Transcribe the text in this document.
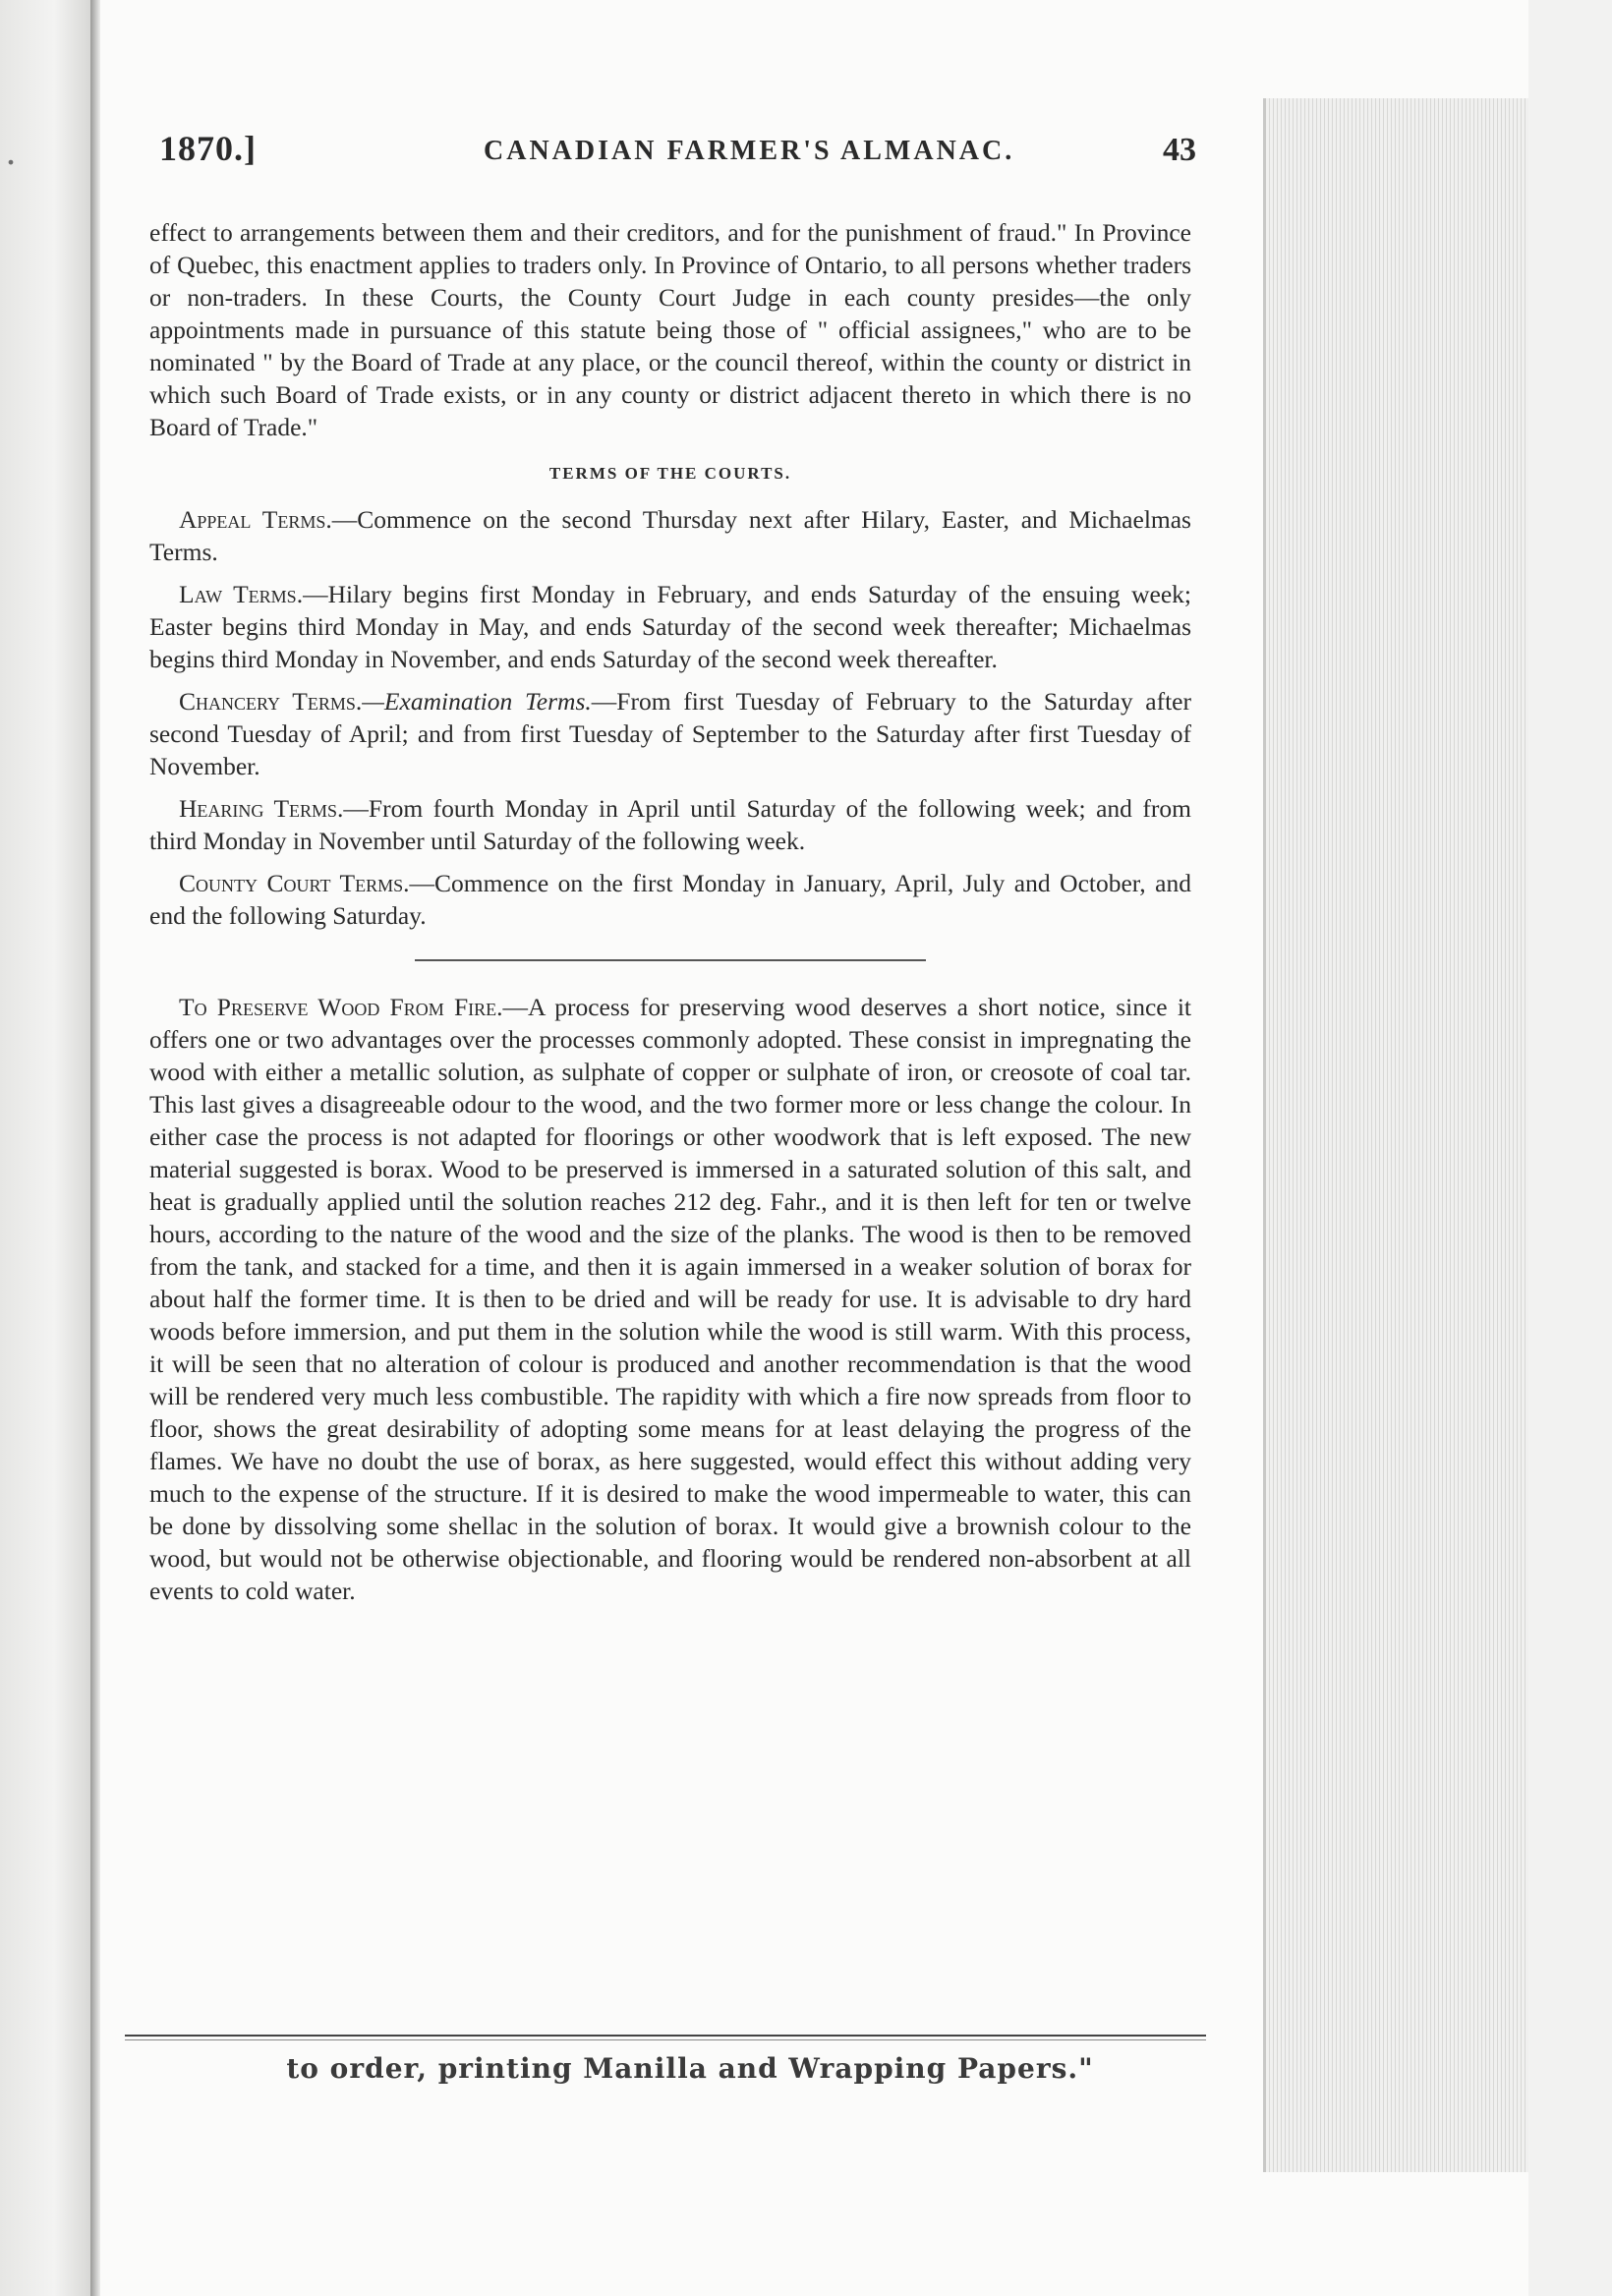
.	1870.]	CANADIAN FARMER'S ALMANAC.	43

effect to arrangements between them and their creditors, and for the punishment of fraud." In Province of Quebec, this enactment applies to traders only. In Province of Ontario, to all persons whether traders or non-traders. In these Courts, the County Court Judge in each county presides—the only appointments made in pursuance of this statute being those of " official assignees," who are to be nominated " by the Board of Trade at any place, or the council thereof, within the county or district in which such Board of Trade exists, or in any county or district adjacent thereto in which there is no Board of Trade."

TERMS OF THE COURTS.

Appeal Terms.—Commence on the second Thursday next after Hilary, Easter, and Michaelmas Terms.

Law Terms.—Hilary begins first Monday in February, and ends Saturday of the ensuing week; Easter begins third Monday in May, and ends Saturday of the second week thereafter; Michaelmas begins third Monday in November, and ends Saturday of the second week thereafter.

Chancery Terms.—Examination Terms.—From first Tuesday of February to the Saturday after second Tuesday of April; and from first Tuesday of September to the Saturday after first Tuesday of November.

Hearing Terms.—From fourth Monday in April until Saturday of the following week; and from third Monday in November until Saturday of the following week.

County Court Terms.—Commence on the first Monday in January, April, July and October, and end the following Saturday.

To Preserve Wood From Fire.—A process for preserving wood deserves a short notice, since it offers one or two advantages over the processes commonly adopted. These consist in impregnating the wood with either a metallic solution, as sulphate of copper or sulphate of iron, or creosote of coal tar. This last gives a disagreeable odour to the wood, and the two former more or less change the colour. In either case the process is not adapted for floorings or other woodwork that is left exposed. The new material suggested is borax. Wood to be preserved is immersed in a saturated solution of this salt, and heat is gradually applied until the solution reaches 212 deg. Fahr., and it is then left for ten or twelve hours, according to the nature of the wood and the size of the planks. The wood is then to be removed from the tank, and stacked for a time, and then it is again immersed in a weaker solution of borax for about half the former time. It is then to be dried and will be ready for use. It is advisable to dry hard woods before immersion, and put them in the solution while the wood is still warm. With this process, it will be seen that no alteration of colour is produced and another recommendation is that the wood will be rendered very much less combustible. The rapidity with which a fire now spreads from floor to floor, shows the great desirability of adopting some means for at least delaying the progress of the flames. We have no doubt the use of borax, as here suggested, would effect this without adding very much to the expense of the structure. If it is desired to make the wood impermeable to water, this can be done by dissolving some shellac in the solution of borax. It would give a brownish colour to the wood, but would not be otherwise objectionable, and flooring would be rendered non-absorbent at all events to cold water.

to order, printing Manilla and Wrapping Papers."
